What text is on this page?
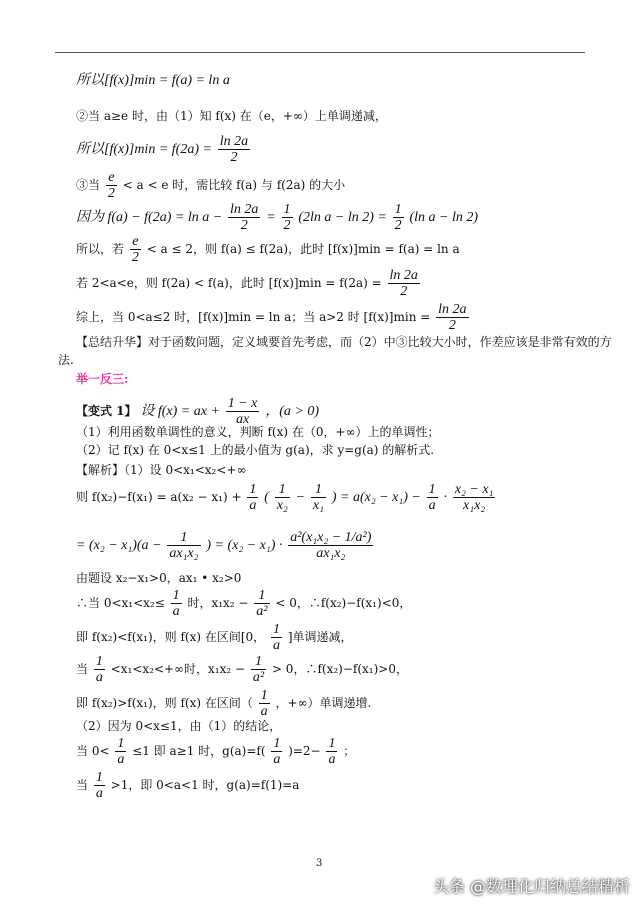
所以[f(x)]min = f(a) = ln a
②当 a≥e 时，由（1）知 f(x) 在（e，+∞）上单调递减，
所以$[f(x)]\min = f(2a) = \frac{\ln 2a}{2}$
③当 $\frac{e}{2} < a < e$ 时，需比较 f(a) 与 f(2a) 的大小
因为 $f(a) - f(2a) = \ln a - \frac{\ln 2a}{2} = \frac{1}{2} (2\ln$ $a - \ln 2) = \frac{1}{2} (\ln$ a − ln 2)
所以，若 $\frac{e}{2} < a \le 2$，则 f(a) ≤ f(2a)，此时 [f(x)]min = f(a) = ln a
若 2<a<e，则 f(2a) < f(a)，此时 $[f(x)]\min = f(2a) = \frac{\ln 2a}{2}$
综上，当 0<a≤2 时，[f(x)]min = ln a；当 a>2 时 $[f(x)]\min = \frac{\ln 2a}{2}$
【总结升华】对于函数问题，定义域要首先考虑，而（2）中③比较大小时，作差应该是非常有效的方
法.
举一反三:
【变式 1】 设 f(x) = ax + $\frac{1 - x}{ax}$ ，(a > 0)
（1）利用函数单调性的意义，判断 f(x) 在（0，+∞）上的单调性；
（2）记 f(x) 在 0<x≤1 上的最小值为 g(a)，求 y=g(a) 的解析式.
【解析】（1）设 0<x₁<x₂<+∞
则 $f(x_2)-f(x_1) = a(x_2 - x_1) + \frac{1}{a}$ ( $\frac{1}{\text{x₂}} - \frac{1}{\text{x₁}}$ ) = $a(x_2 - x_1) - \frac{1}{a} \cdot \frac{\text{x₂ − x₁}}{\text{x₁x₂}}$
= $(x_2 - x_1)(a - \frac{1}{\text{ax₁x₂}}$ ) = $(x_2 - x_1) \cdot \frac{\text{a²(x₁x₂ − 1/a²)}}{\text{ax₁x₂}}$
由题设 x₂−x₁>0，ax₁ • x₂>0
∴当 $0<x_1<x_2\le \frac{1}{a}$ 时，$x_1x_2 - \frac{1}{\text{a²}} < 0$，∴f(x₂)−f(x₁)<0，
即 f(x₂)<f(x₁)，则 f(x) 在区间[0， $\frac{1}{a}$ ]单调递减，
当 $\frac{1}{a} <x_1<x_2<+\infty$时，$x_1x_2 - \frac{1}{\text{a²}} > 0$，∴f(x₂)−f(x₁)>0，
即 f(x₂)>f(x₁)，则 f(x) 在区间（ $\frac{1}{a}$ ，+∞）单调递增.
（2）因为 0<x≤1，由（1）的结论，
当 $0< \frac{1}{a} \le 1$ 即 a≥1 时，$g(a)=f( \frac{1}{a} )=2- \frac{1}{a}$ ；
当 $\frac{1}{a} >1$，即 0<a<1 时，g(a)=f(1)=a
3
头条 @数理化归纳总结精析
